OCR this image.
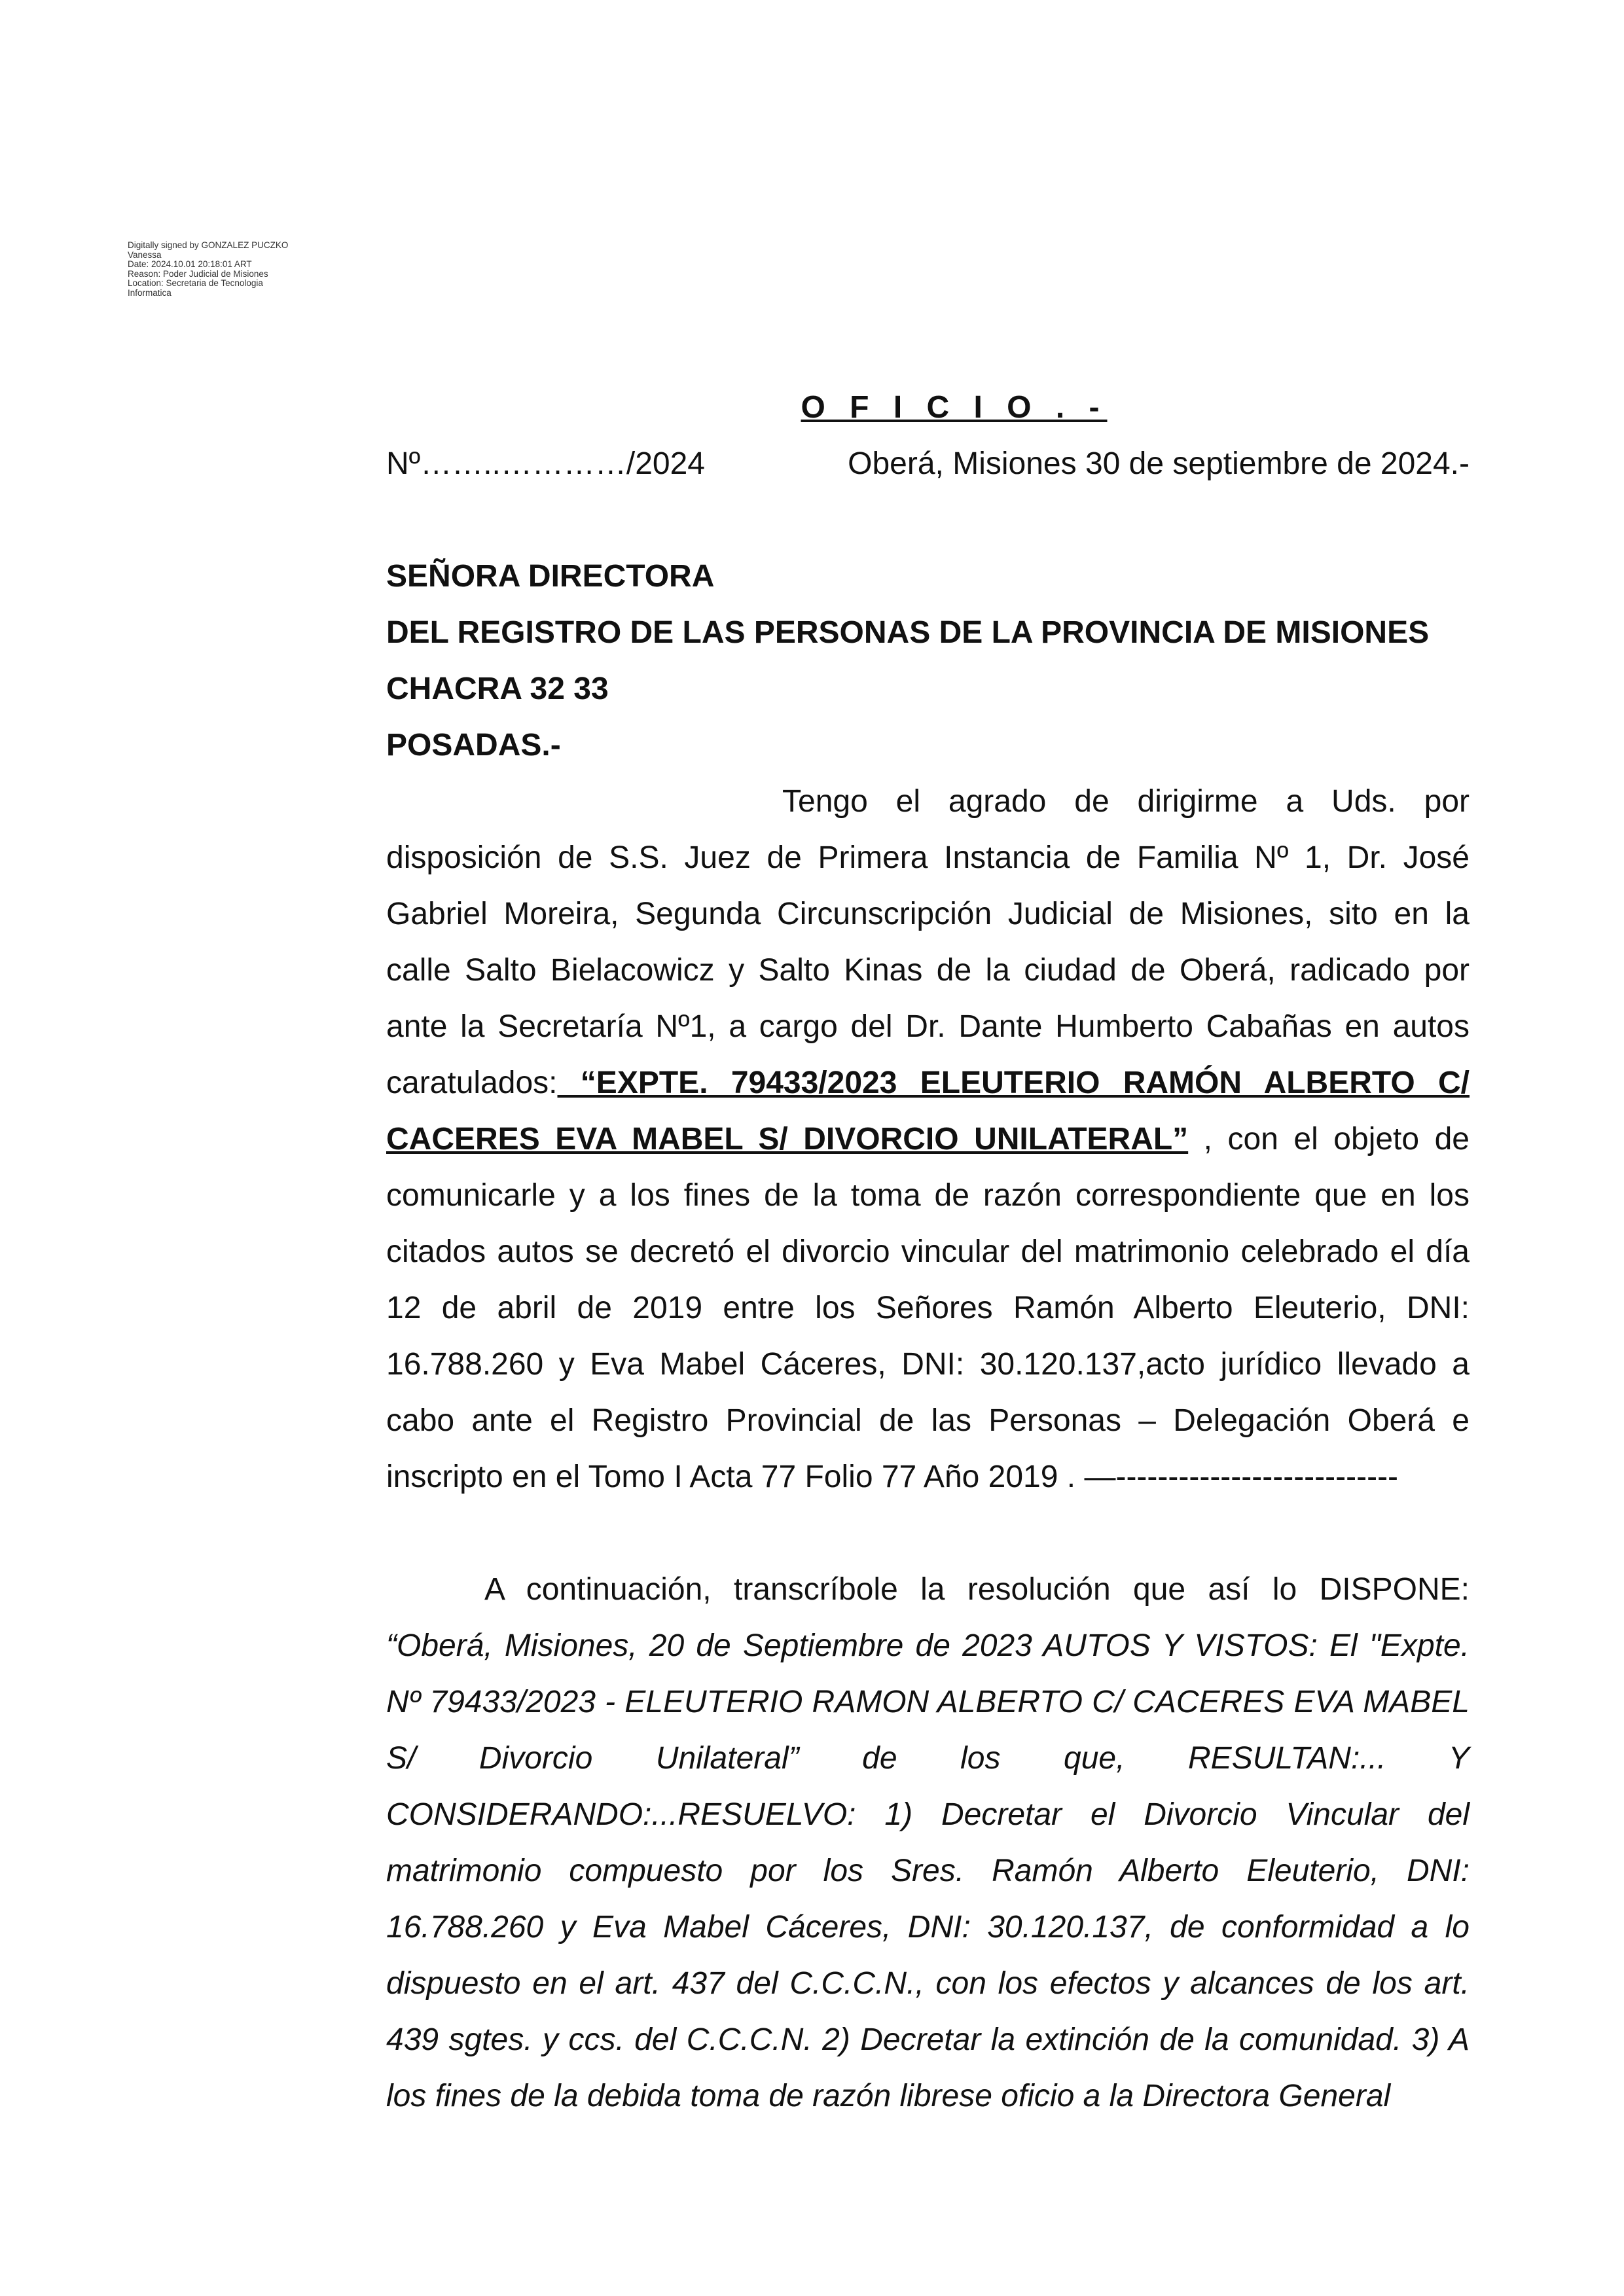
Digitally signed by GONZALEZ PUCZKO
Vanessa
Date: 2024.10.01 20:18:01 ART
Reason: Poder Judicial de Misiones
Location: Secretaria de Tecnologia
Informatica
O F I C I O . -
Nº……..…………/2024	Oberá, Misiones 30 de septiembre de 2024.-
SEÑORA DIRECTORA
DEL REGISTRO DE LAS PERSONAS DE LA PROVINCIA DE MISIONES
CHACRA 32 33
POSADAS.-

Tengo el agrado de dirigirme a Uds. por disposición de S.S. Juez de Primera Instancia de Familia Nº 1, Dr. José Gabriel Moreira, Segunda Circunscripción Judicial de Misiones, sito en la calle Salto Bielacowicz y Salto Kinas de la ciudad de Oberá, radicado por ante la Secretaría Nº1, a cargo del Dr. Dante Humberto Cabañas en autos caratulados: “EXPTE. 79433/2023 ELEUTERIO RAMÓN ALBERTO C/ CACERES EVA MABEL S/ DIVORCIO UNILATERAL” , con el objeto de comunicarle y a los fines de la toma de razón correspondiente que en los citados autos se decretó el divorcio vincular del matrimonio celebrado el día 12 de abril de 2019 entre los Señores Ramón Alberto Eleuterio, DNI: 16.788.260 y Eva Mabel Cáceres, DNI: 30.120.137,acto jurídico llevado a cabo ante el Registro Provincial de las Personas – Delegación Oberá e inscripto en el Tomo I Acta 77 Folio 77 Año 2019 . —---------------------------

A continuación, transcríbole la resolución que así lo DISPONE: “Oberá, Misiones, 20 de Septiembre de 2023 AUTOS Y VISTOS: El "Expte. Nº 79433/2023 - ELEUTERIO RAMON ALBERTO C/ CACERES EVA MABEL S/ Divorcio Unilateral” de los que, RESULTAN:... Y CONSIDERANDO:...RESUELVO: 1) Decretar el Divorcio Vincular del matrimonio compuesto por los Sres. Ramón Alberto Eleuterio, DNI: 16.788.260 y Eva Mabel Cáceres, DNI: 30.120.137, de conformidad a lo dispuesto en el art. 437 del C.C.C.N., con los efectos y alcances de los art. 439 sgtes. y ccs. del C.C.C.N. 2) Decretar la extinción de la comunidad. 3) A los fines de la debida toma de razón librese oficio a la Directora General
